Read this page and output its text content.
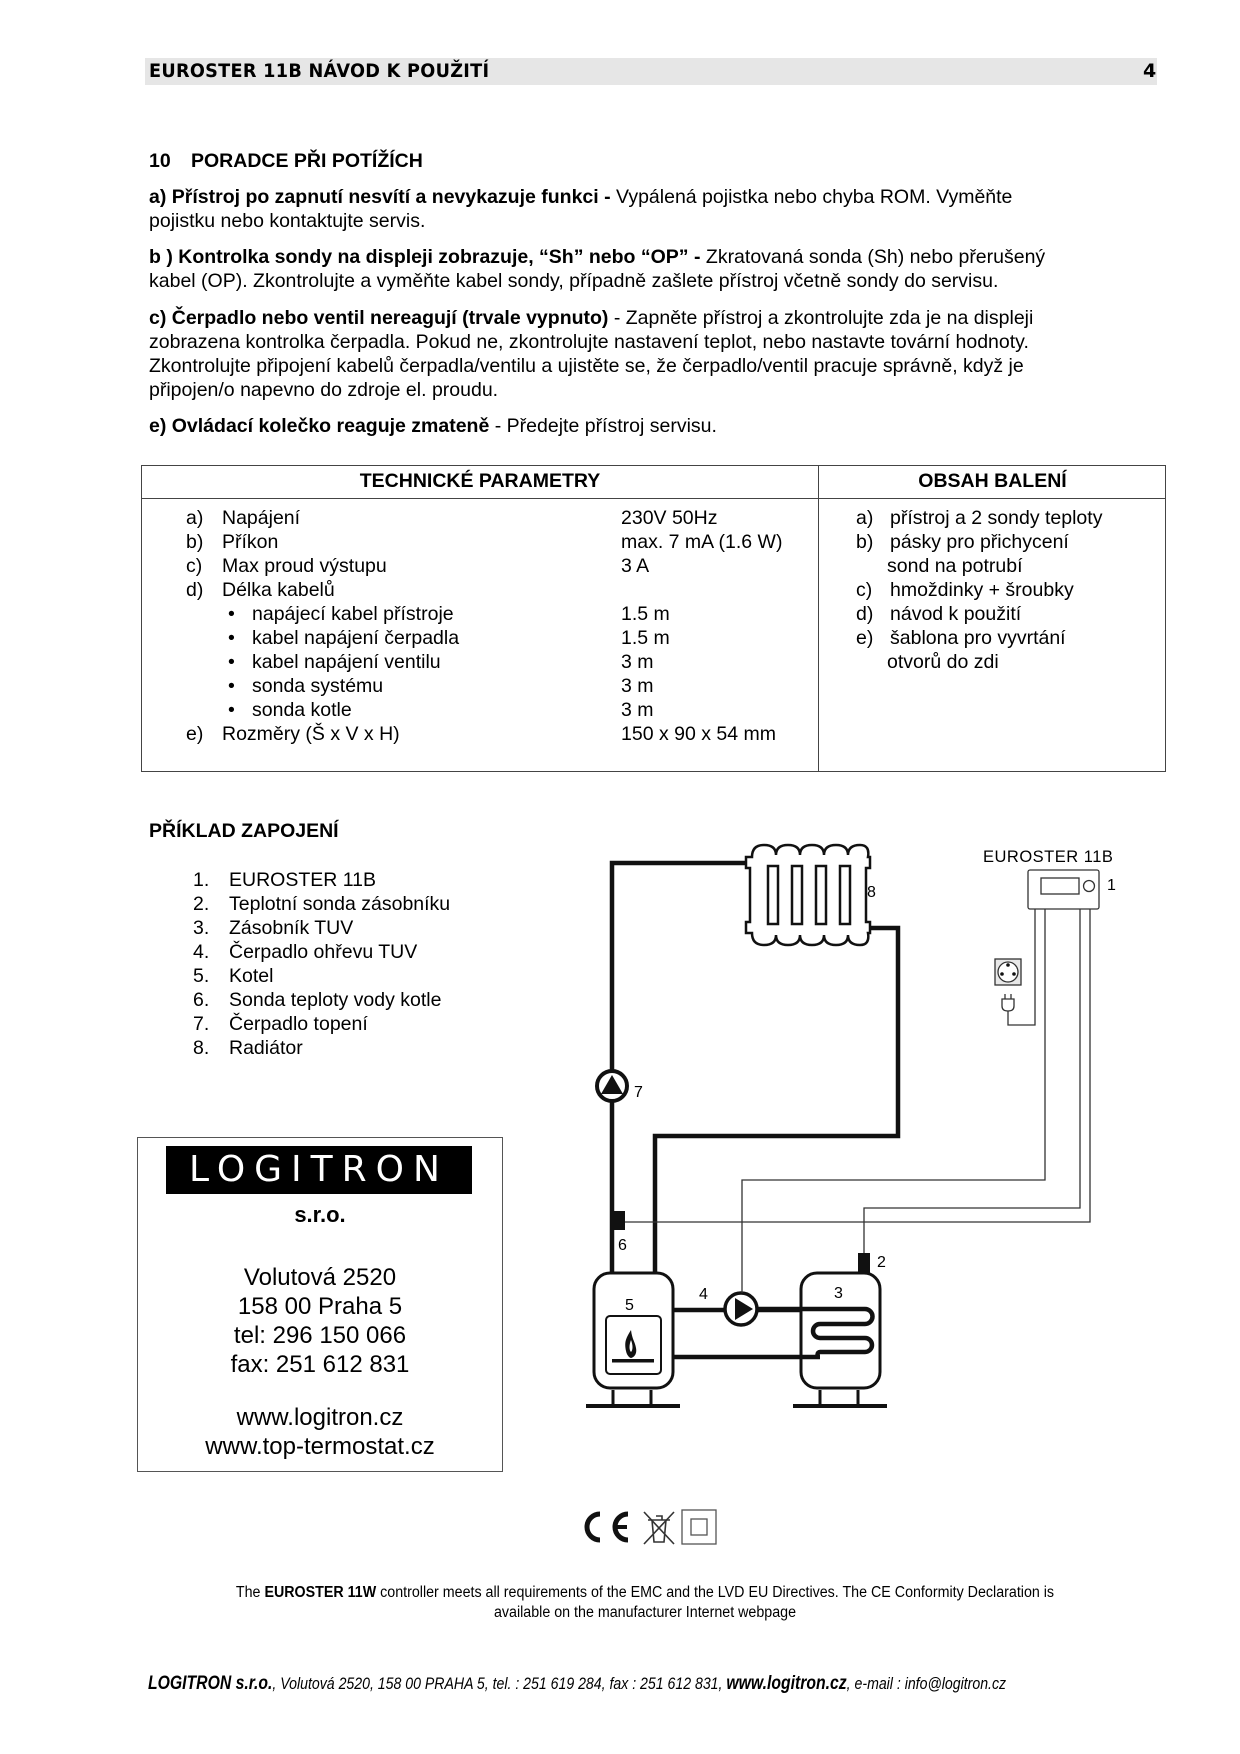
EUROSTER 11B NÁVOD K POUŽITÍ	4
10 PORADCE PŘI POTÍŽÍCH
a) Přístroj po zapnutí nesvítí a nevykazuje funkci - Vypálená pojistka nebo chyba ROM. Vyměňte
pojistku nebo kontaktujte servis.
b ) Kontrolka sondy na displeji zobrazuje, “Sh” nebo “OP” - Zkratovaná sonda (Sh) nebo přerušený
kabel (OP). Zkontrolujte a vyměňte kabel sondy, případně zašlete přístroj včetně sondy do servisu.
c) Čerpadlo nebo ventil nereagují (trvale vypnuto) - Zapněte přístroj a zkontrolujte zda je na displeji
zobrazena kontrolka čerpadla. Pokud ne, zkontrolujte nastavení teplot, nebo nastavte tovární hodnoty.
Zkontrolujte připojení kabelů čerpadla/ventilu a ujistěte se, že čerpadlo/ventil pracuje správně, když je
připojen/o napevno do zdroje el. proudu.
e) Ovládací kolečko reaguje zmateně - Předejte přístroj servisu.
TECHNICKÉ PARAMETRY	OBSAH BALENÍ
a) Napájení	230V 50Hz
b) Příkon	max. 7 mA (1.6 W)
c) Max proud výstupu	3 A
d) Délka kabelů
• napájecí kabel přístroje	1.5 m
• kabel napájení čerpadla	1.5 m
• kabel napájení ventilu	3 m
• sonda systému	3 m
• sonda kotle	3 m
e) Rozměry (Š x V x H)	150 x 90 x 54 mm
a) přístroj a 2 sondy teploty
b) pásky pro přichycení
sond na potrubí
c) hmoždinky + šroubky
d) návod k použití
e) šablona pro vyvrtání
otvorů do zdi
PŘÍKLAD ZAPOJENÍ
1. EUROSTER 11B
2. Teplotní sonda zásobníku
3. Zásobník TUV
4. Čerpadlo ohřevu TUV
5. Kotel
6. Sonda teploty vody kotle
7. Čerpadlo topení
8. Radiátor
8
7
6
5
4	3
2
EUROSTER 11B
1
LOGITRON
s.r.o.
Volutová 2520
158 00 Praha 5
tel: 296 150 066
fax: 251 612 831
www.logitron.cz
www.top-termostat.cz
The EUROSTER 11W controller meets all requirements of the EMC and the LVD EU Directives. The CE Conformity Declaration is
available on the manufacturer Internet webpage
LOGITRON s.r.o., Volutová 2520, 158 00 PRAHA 5, tel. : 251 619 284, fax : 251 612 831, www.logitron.cz, e-mail : info@logitron.cz
